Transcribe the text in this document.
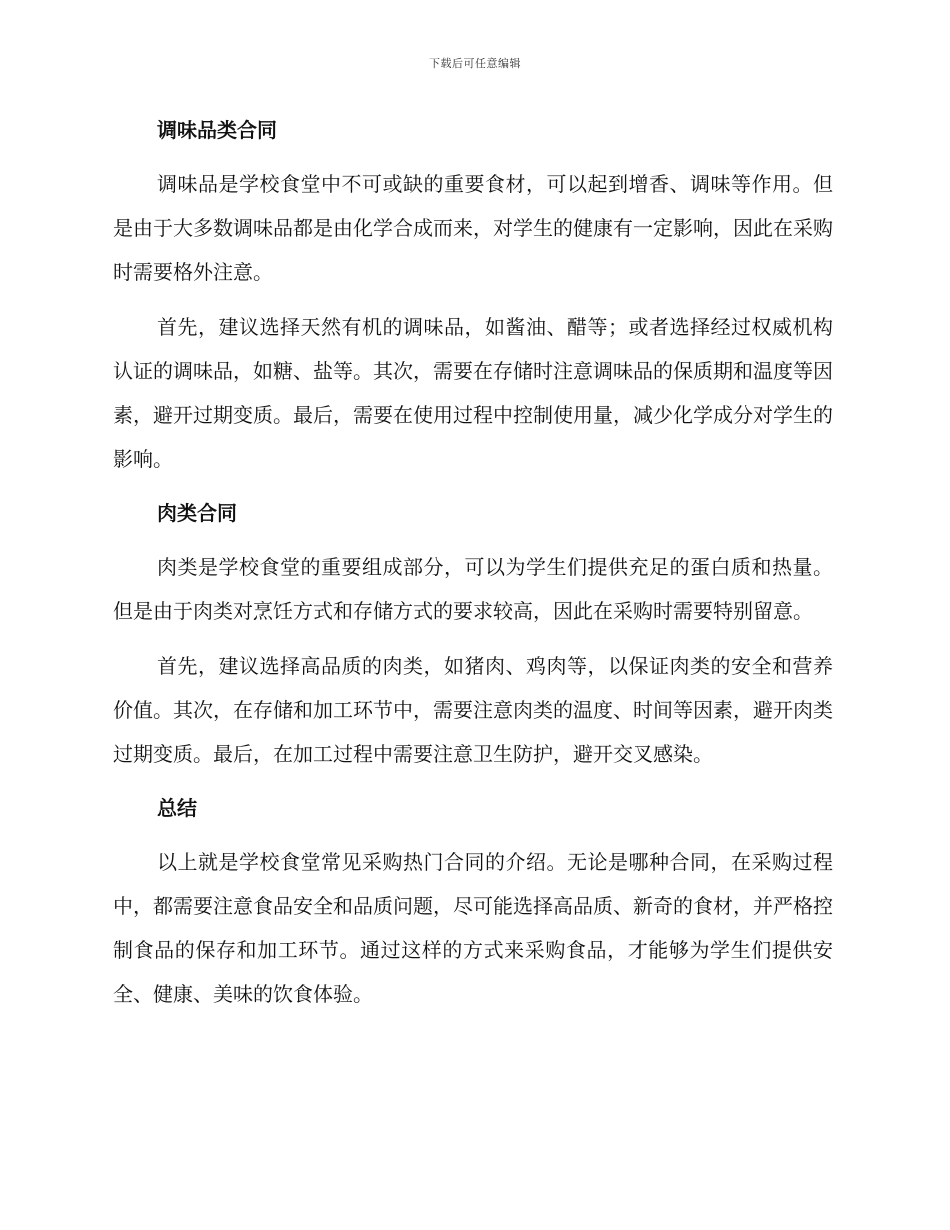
下载后可任意编辑
调味品类合同

调味品是学校食堂中不可或缺的重要食材，可以起到增香、调味等作用。但是由于大多数调味品都是由化学合成而来，对学生的健康有一定影响，因此在采购时需要格外注意。

首先，建议选择天然有机的调味品，如酱油、醋等；或者选择经过权威机构认证的调味品，如糖、盐等。其次，需要在存储时注意调味品的保质期和温度等因素，避开过期变质。最后，需要在使用过程中控制使用量，减少化学成分对学生的影响。

肉类合同

肉类是学校食堂的重要组成部分，可以为学生们提供充足的蛋白质和热量。但是由于肉类对烹饪方式和存储方式的要求较高，因此在采购时需要特别留意。

首先，建议选择高品质的肉类，如猪肉、鸡肉等，以保证肉类的安全和营养价值。其次，在存储和加工环节中，需要注意肉类的温度、时间等因素，避开肉类过期变质。最后，在加工过程中需要注意卫生防护，避开交叉感染。

总结

以上就是学校食堂常见采购热门合同的介绍。无论是哪种合同，在采购过程中，都需要注意食品安全和品质问题，尽可能选择高品质、新奇的食材，并严格控制食品的保存和加工环节。通过这样的方式来采购食品，才能够为学生们提供安全、健康、美味的饮食体验。
